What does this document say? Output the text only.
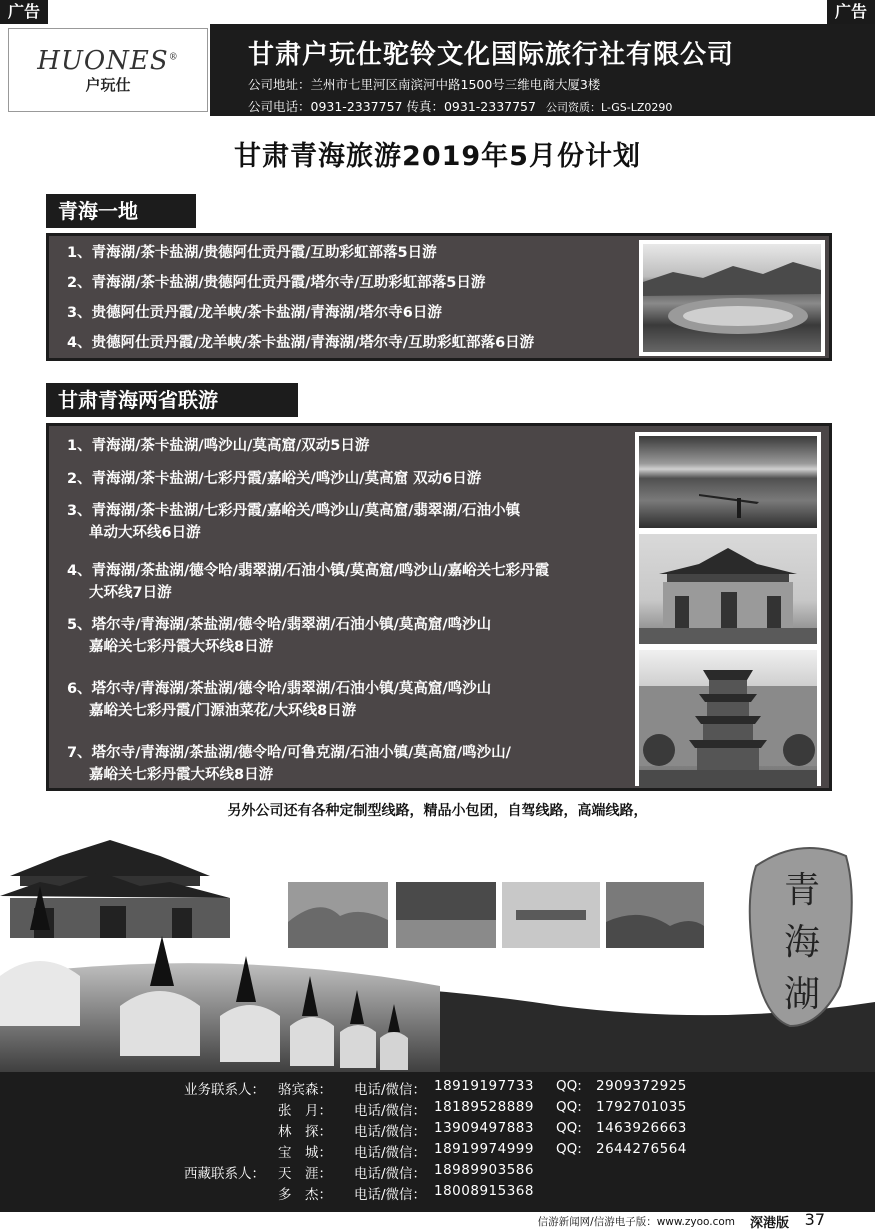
广告	广告
HUONES®
户玩仕
甘肃户玩仕驼铃文化国际旅行社有限公司
公司地址：兰州市七里河区南滨河中路1500号三维电商大厦3楼
公司电话：0931-2337757 传真：0931-2337757 公司资质：L-GS-LZ0290
甘肃青海旅游2019年5月份计划
青海一地
1、青海湖/茶卡盐湖/贵德阿仕贡丹霞/互助彩虹部落5日游
2、青海湖/茶卡盐湖/贵德阿仕贡丹霞/塔尔寺/互助彩虹部落5日游
3、贵德阿仕贡丹霞/龙羊峡/茶卡盐湖/青海湖/塔尔寺6日游
4、贵德阿仕贡丹霞/龙羊峡/茶卡盐湖/青海湖/塔尔寺/互助彩虹部落6日游
甘肃青海两省联游
1、青海湖/茶卡盐湖/鸣沙山/莫高窟/双动5日游
2、青海湖/茶卡盐湖/七彩丹霞/嘉峪关/鸣沙山/莫高窟 双动6日游
3、青海湖/茶卡盐湖/七彩丹霞/嘉峪关/鸣沙山/莫高窟/翡翠湖/石油小镇
单动大环线6日游
4、青海湖/茶盐湖/德令哈/翡翠湖/石油小镇/莫高窟/鸣沙山/嘉峪关七彩丹霞
大环线7日游
5、塔尔寺/青海湖/茶盐湖/德令哈/翡翠湖/石油小镇/莫高窟/鸣沙山
嘉峪关七彩丹霞大环线8日游
6、塔尔寺/青海湖/茶盐湖/德令哈/翡翠湖/石油小镇/莫高窟/鸣沙山
嘉峪关七彩丹霞/门源油菜花/大环线8日游
7、塔尔寺/青海湖/茶盐湖/德令哈/可鲁克湖/石油小镇/莫高窟/鸣沙山/
嘉峪关七彩丹霞大环线8日游
另外公司还有各种定制型线路，精品小包团，自驾线路，高端线路，
青
海
湖
业务联系人： 骆宾森：	电话/微信： 18919197733 QQ: 2909372925
张　月：	电话/微信： 18189528889 QQ: 1792701035
林　探：	电话/微信： 13909497883 QQ: 1463926663
宝　城：	电话/微信： 18919974999 QQ: 2644276564
西藏联系人： 天　涯：	电话/微信： 18989903586
多　杰：	电话/微信： 18008915368
信游新闻网/信游电子版：www.zyoo.com 深港版 37
